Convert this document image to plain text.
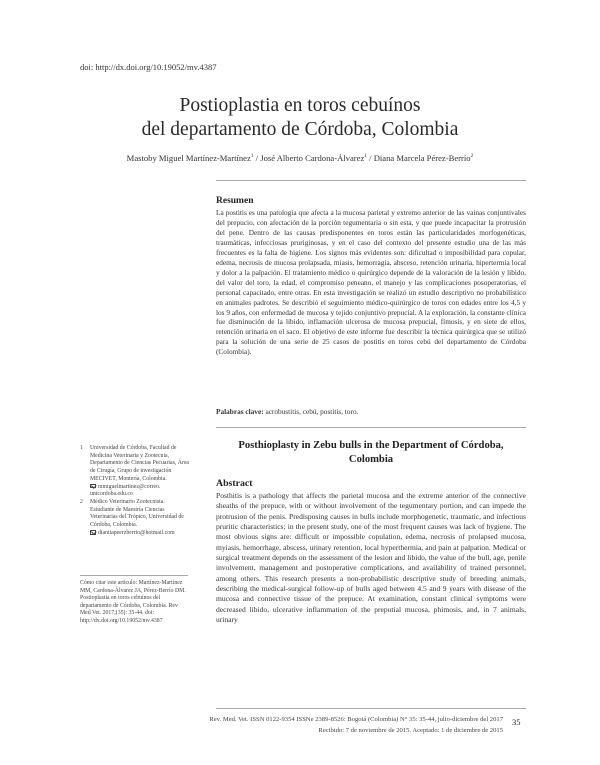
doi: http://dx.doi.org/10.19052/mv.4387
Postioplastia en toros cebuínos
del departamento de Córdoba, Colombia
Mastoby Miguel Martínez-Martínez$^1$ / José Alberto Cardona-Álvarez$^1$ / Diana Marcela Pérez-Berrío$^2$
Resumen
La postitis es una patología que afecta a la mucosa parietal y extremo anterior de las vainas conjuntivales del prepucio, con afectación de la porción tegumentaria o sin esta, y que puede incapacitar la protrusión del pene. Dentro de las causas predisponentes en toros están las particularidades morfogenéticas, traumáticas, infecciosas pruriginosas, y en el caso del contexto del presente estudio una de las más frecuentes es la falta de higiene. Los signos más evidentes son: dificultad o imposibilidad para copular, edema, necrosis de mucosa prolapsada, miasis, hemorragia, absceso, retención urinaria, hipertermia local y dolor a la palpación. El tratamiento médico o quirúrgico depende de la valoración de la lesión y libido, del valor del toro, la edad, el compromiso peneano, el manejo y las complicaciones posoperatorias, el personal capacitado, entre otras. En esta investigación se realizó un estudio descriptivo no probabilístico en animales padrotes. Se describió el seguimiento médico-quirúrgico de toros con edades entre los 4,5 y los 9 años, con enfermedad de mucosa y tejido conjuntivo prepucial. A la exploración, la constante clínica fue disminución de la libido, inflamación ulcerosa de mucosa prepucial, fimosis, y en siete de ellos, retención urinaria en el saco. El objetivo de este informe fue describir la técnica quirúrgica que se utilizó para la solución de una serie de 25 casos de postitis en toros cebú del departamento de Córdoba (Colombia).
Palabras clave: acrobustitis, cebú, postitis, toro.
Posthioplasty in Zebu bulls in the Department of Córdoba,
Colombia
Abstract
Posthitis is a pathology that affects the parietal mucosa and the extreme anterior of the connective sheaths of the prepuce, with or without involvement of the tegumentary portion, and can impede the protrusion of the penis. Predisposing causes in bulls include morphogenetic, traumatic, and infectious pruritic characteristics; in the present study, one of the most frequent causes was lack of hygiene. The most obvious signs are: difficult or impossible copulation, edema, necrosis of prolapsed mucosa, myiasis, hemorrhage, abscess, urinary retention, local hyperthermia, and pain at palpation. Medical or surgical treatment depends on the assessment of the lesion and libido, the value of the bull, age, penile involvement, management and postoperative complications, and availability of trained personnel, among others. This research presents a non-probabilistic descriptive study of breeding animals, describing the medical-surgical follow-up of bulls aged between 4.5 and 9 years with disease of the mucosa and connective tissue of the prepuce. At examination, constant clinical symptoms were decreased libido, ulcerative inflammation of the preputial mucosa, phimosis, and, in 7 animals, urinary
1	Universidad de Córdoba, Facultad de Medicina Veterinaria y Zootecnia, Departamento de Ciencias Pecuarias, Área de Cirugía, Grupo de investigación MECIVET, Montería, Colombia.
mmiguelmartinez@correo.
unicordoba.edu.co
2	Médico Veterinario Zootecnista. Estudiante de Maestría Ciencias Veterinarias del Trópico, Universidad de Córdoba, Colombia.
dianitapeerzberrio@hotmail.com
Cómo citar este artículo: Martínez-Martínez MM, Cardona-Álvarez JA, Pérez-Berrío DM. Postioplastia en toros cebuínos del departamento de Córdoba, Colombia. Rev Med Vet. 2017;(35): 35-44. doi: http://dx.doi.org/10.19052/mv.4387
Rev. Med. Vet. ISSN 0122-9354 ISSNe 2389-8526: Bogotá (Colombia) N° 35: 35-44, julio-diciembre del 2017
Recibido: 7 de noviembre de 2015. Aceptado: 1 de diciembre de 2015
35
